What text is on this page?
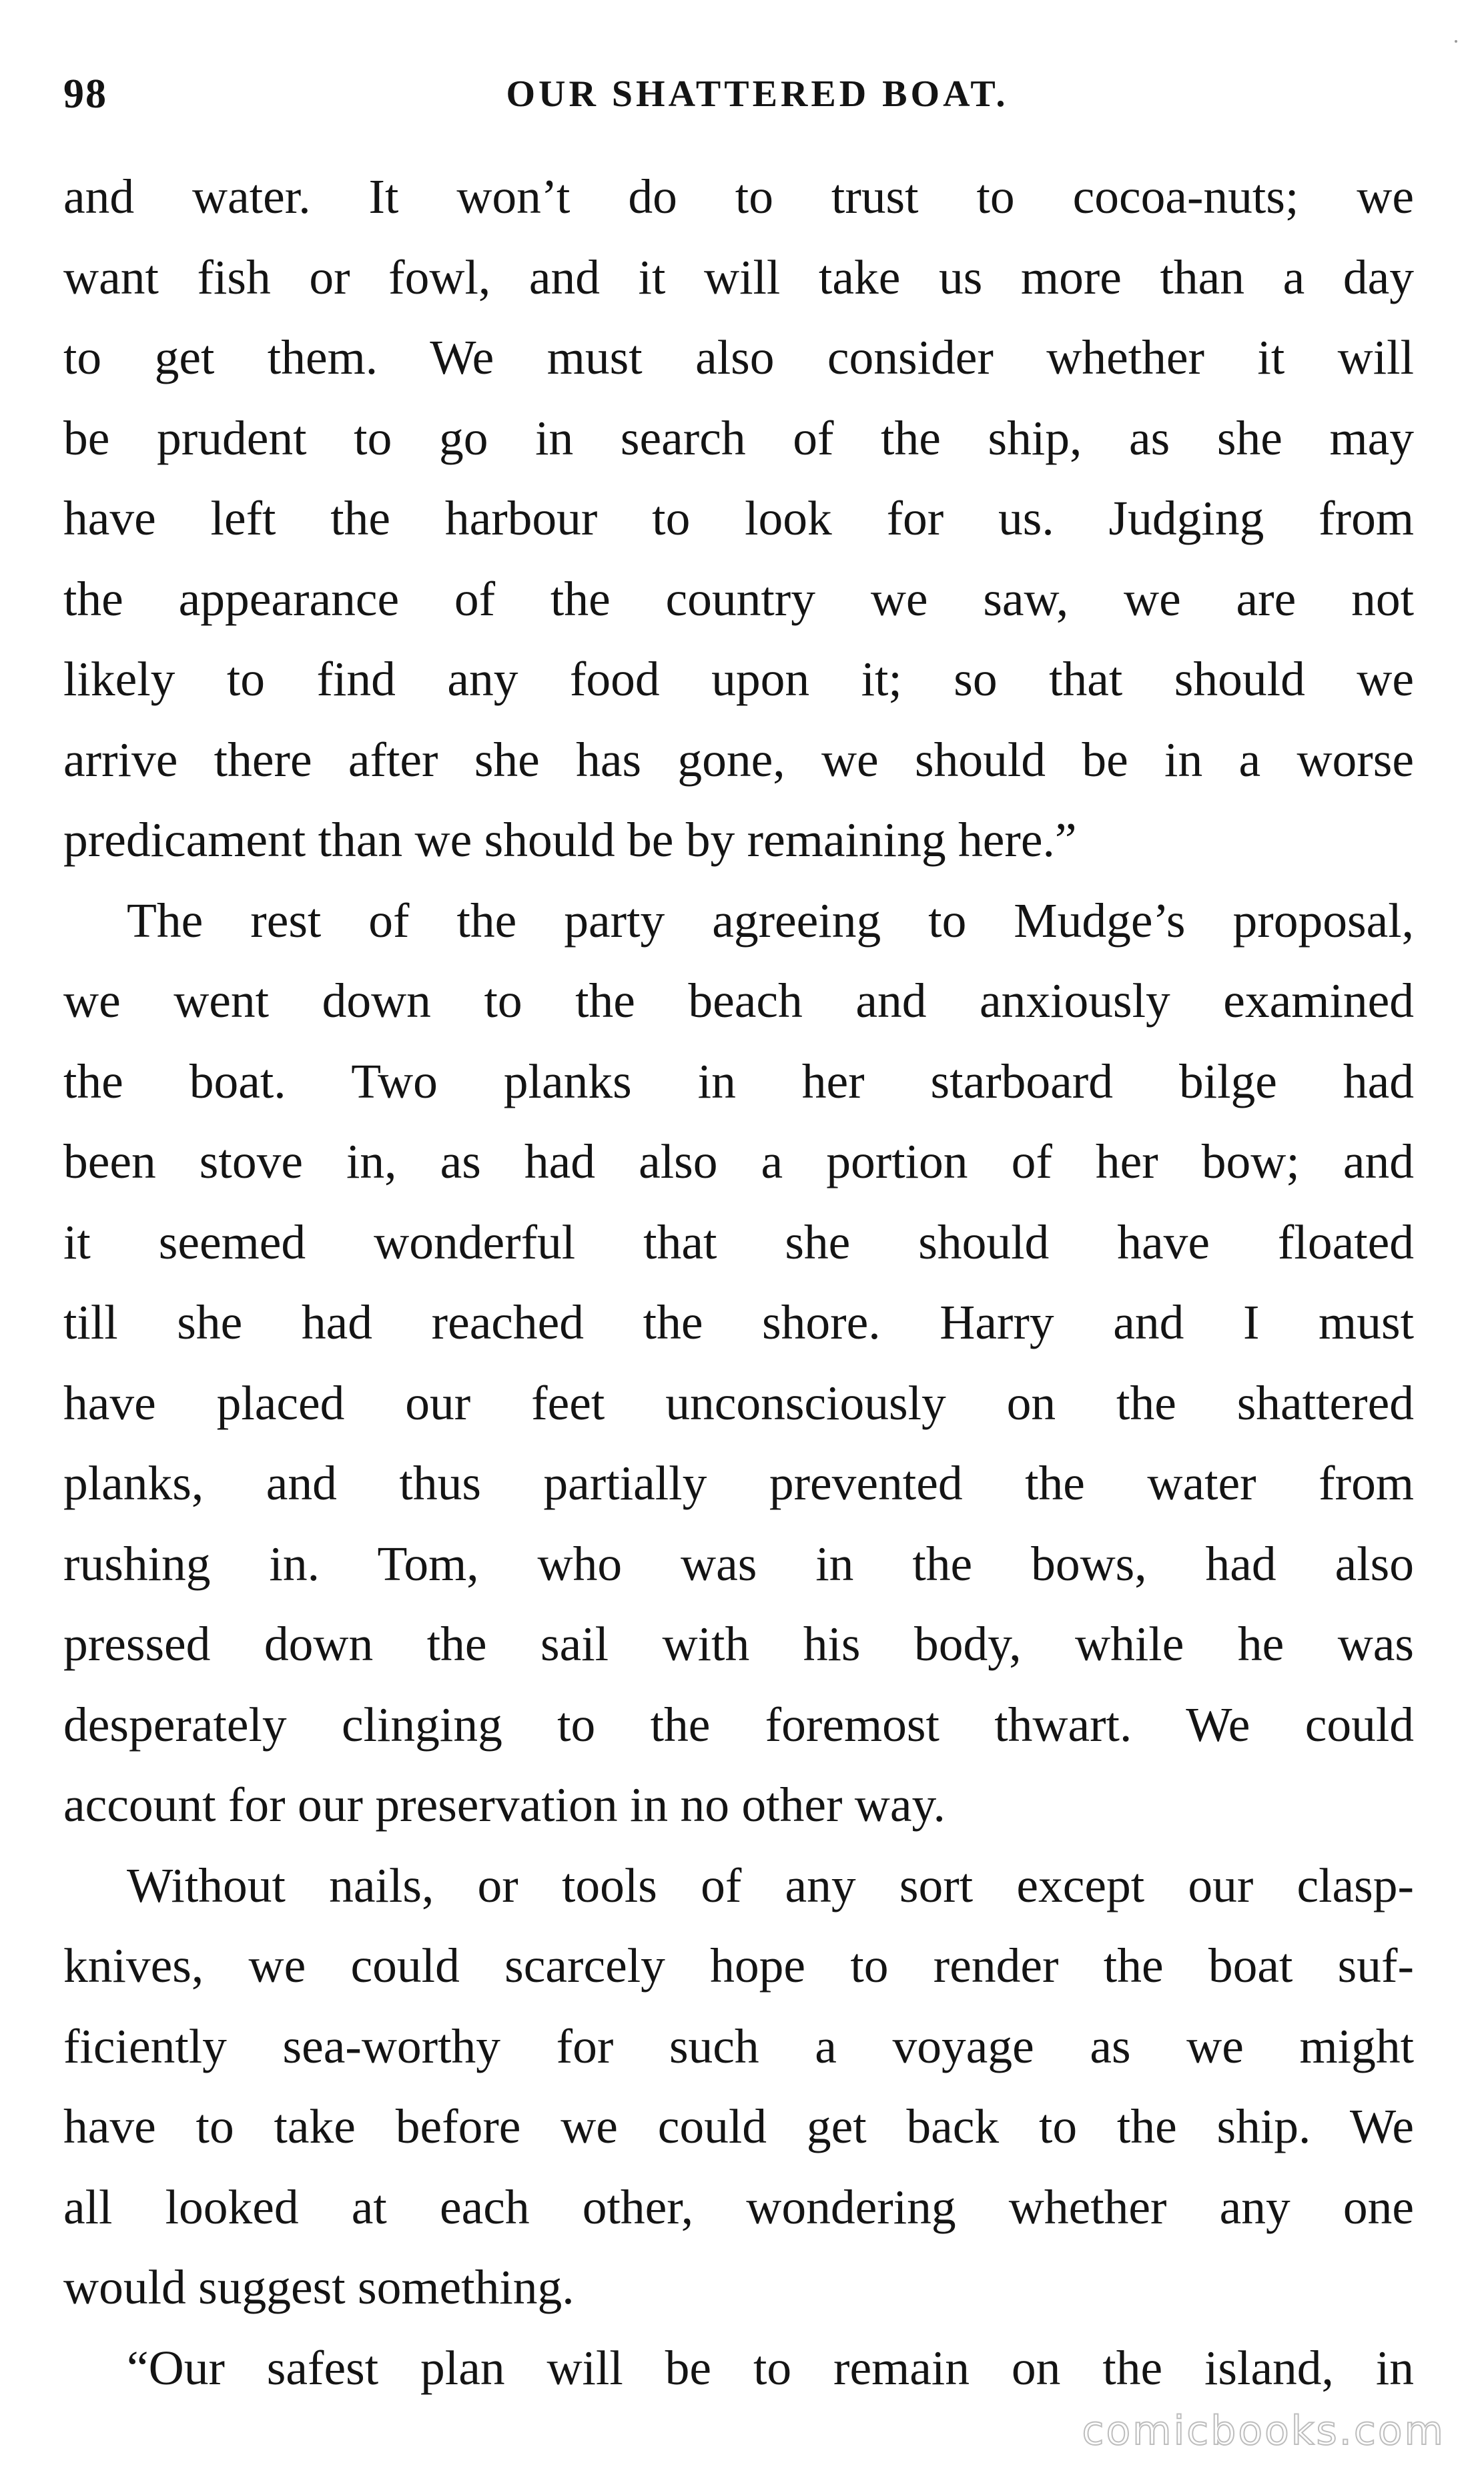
98	OUR SHATTERED BOAT.
and water. It won’t do to trust to cocoa-nuts; we
want fish or fowl, and it will take us more than a day
to get them. We must also consider whether it will
be prudent to go in search of the ship, as she may
have left the harbour to look for us. Judging from
the appearance of the country we saw, we are not
likely to find any food upon it; so that should we
arrive there after she has gone, we should be in a worse
predicament than we should be by remaining here.”
The rest of the party agreeing to Mudge’s proposal,
we went down to the beach and anxiously examined
the boat. Two planks in her starboard bilge had
been stove in, as had also a portion of her bow; and
it seemed wonderful that she should have floated
till she had reached the shore. Harry and I must
have placed our feet unconsciously on the shattered
planks, and thus partially prevented the water from
rushing in. Tom, who was in the bows, had also
pressed down the sail with his body, while he was
desperately clinging to the foremost thwart. We could
account for our preservation in no other way.
Without nails, or tools of any sort except our clasp-
knives, we could scarcely hope to render the boat suf-
ficiently sea-worthy for such a voyage as we might
have to take before we could get back to the ship. We
all looked at each other, wondering whether any one
would suggest something.
“Our safest plan will be to remain on the island, in
comicbooks.com
